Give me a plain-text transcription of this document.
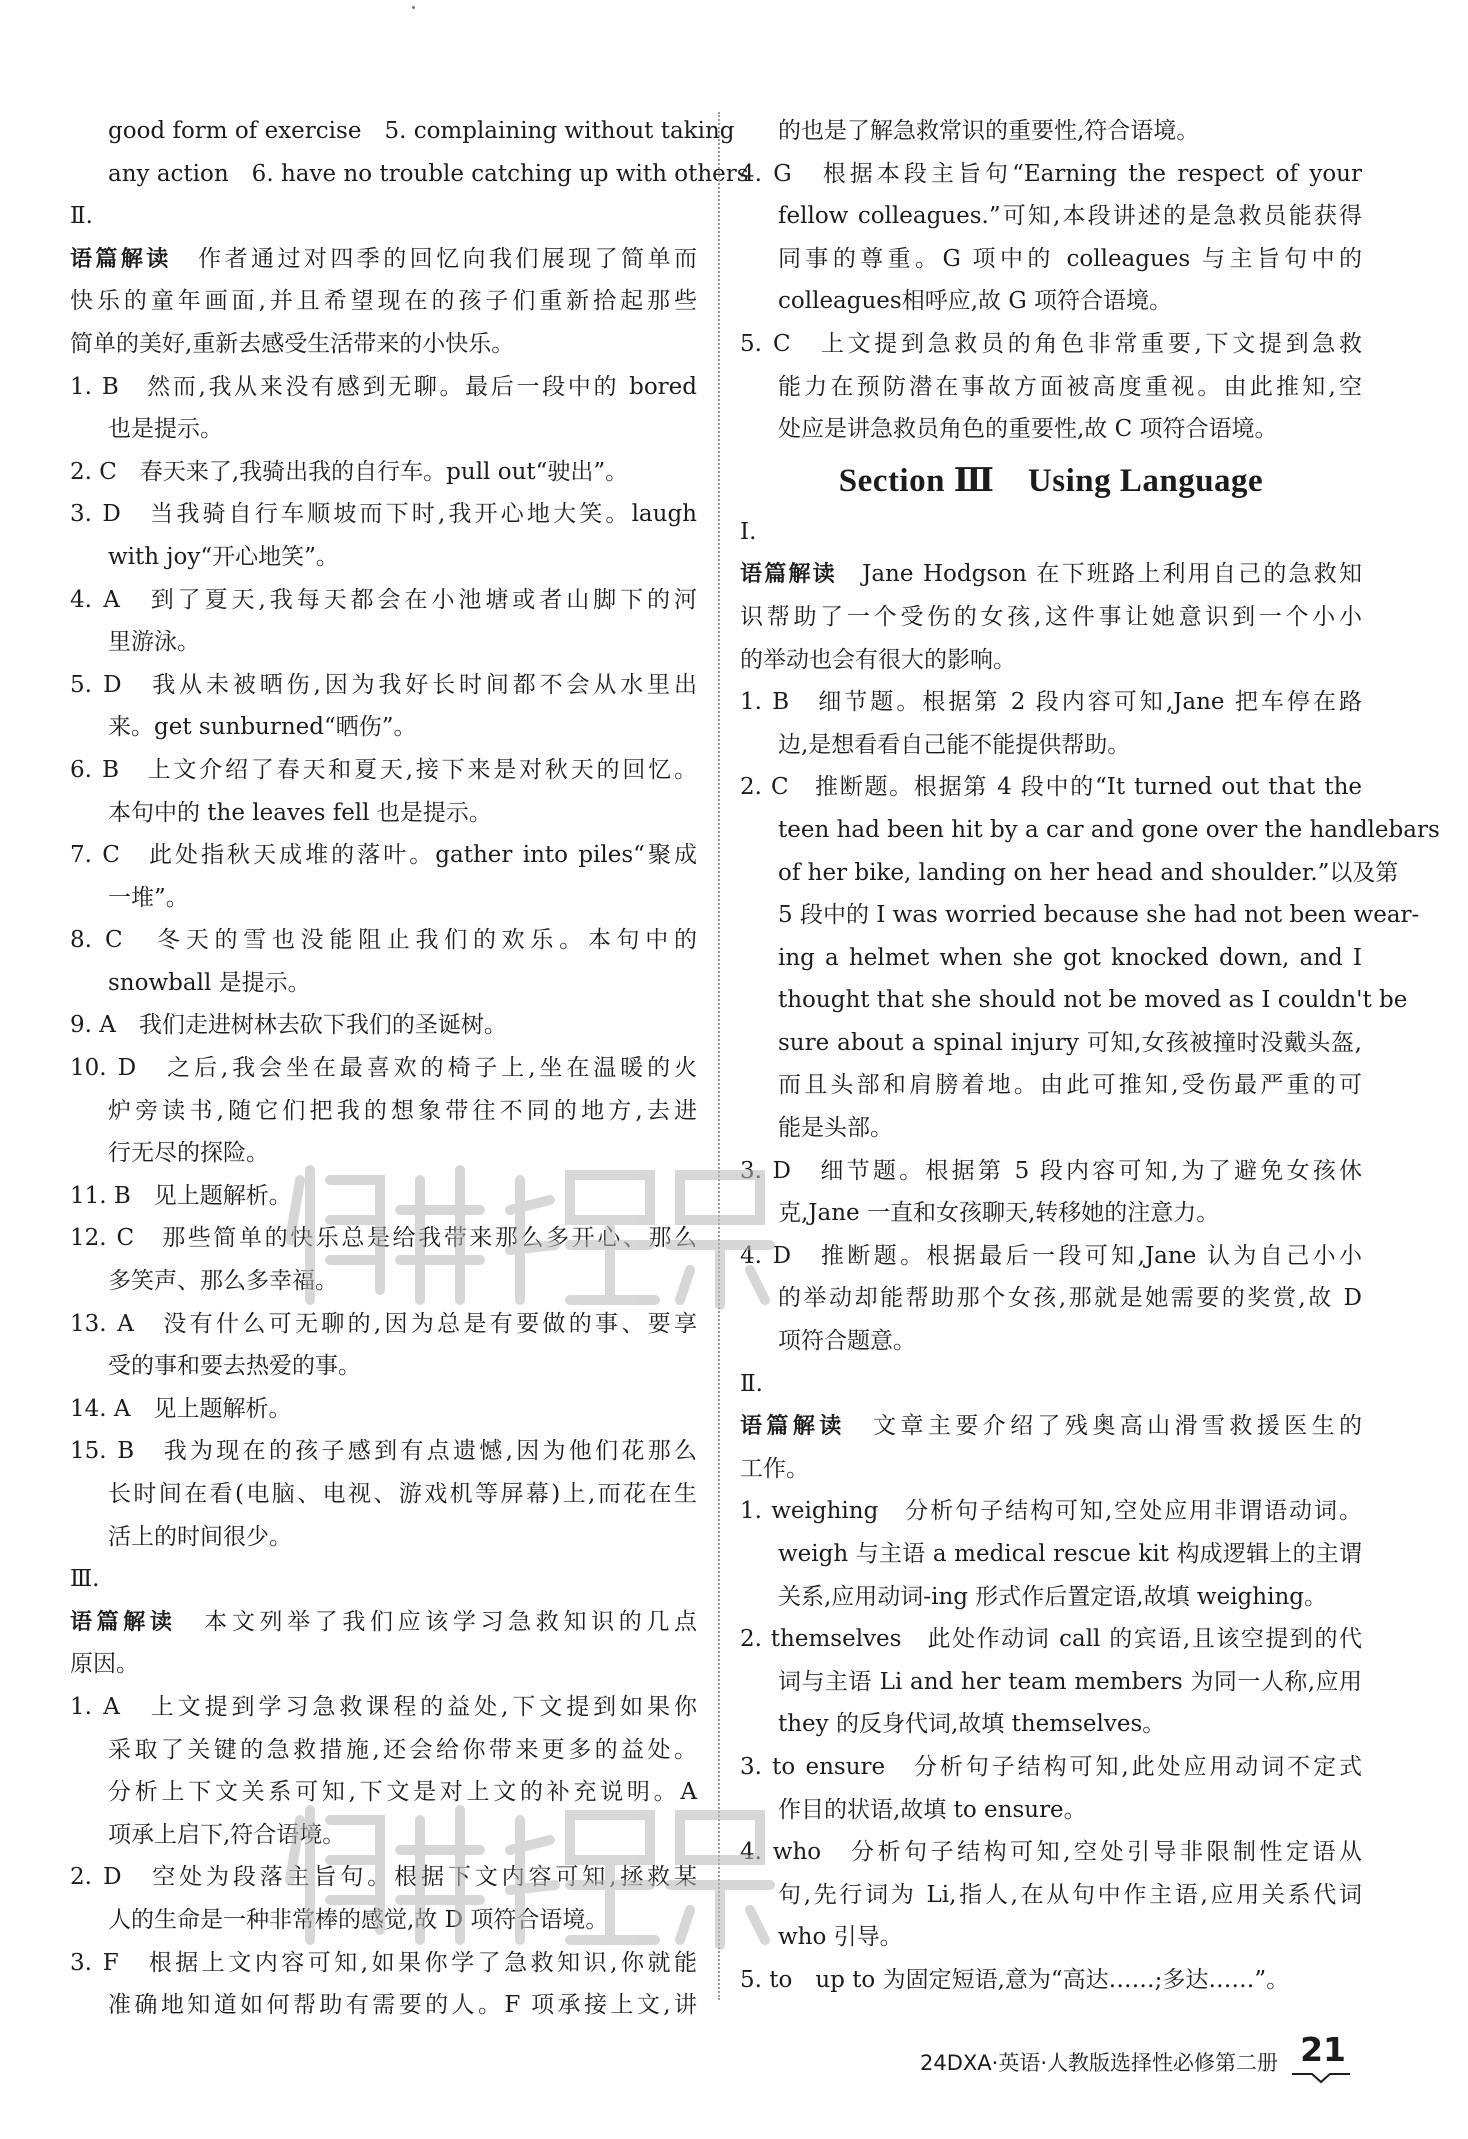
good form of exercise　5. complaining without taking
any action　6. have no trouble catching up with others
Ⅱ.
语篇解读　作者通过对四季的回忆向我们展现了简单而
快乐的童年画面,并且希望现在的孩子们重新拾起那些
简单的美好,重新去感受生活带来的小快乐。
1. B　然而,我从来没有感到无聊。最后一段中的 bored
也是提示。
2. C　春天来了,我骑出我的自行车。pull out“驶出”。
3. D　当我骑自行车顺坡而下时,我开心地大笑。laugh
with joy“开心地笑”。
4. A　到了夏天,我每天都会在小池塘或者山脚下的河
里游泳。
5. D　我从未被晒伤,因为我好长时间都不会从水里出
来。get sunburned“晒伤”。
6. B　上文介绍了春天和夏天,接下来是对秋天的回忆。
本句中的 the leaves fell 也是提示。
7. C　此处指秋天成堆的落叶。gather into piles“聚成
一堆”。
8. C　冬天的雪也没能阻止我们的欢乐。本句中的
snowball 是提示。
9. A　我们走进树林去砍下我们的圣诞树。
10. D　之后,我会坐在最喜欢的椅子上,坐在温暖的火
炉旁读书,随它们把我的想象带往不同的地方,去进
行无尽的探险。
11. B　见上题解析。
12. C　那些简单的快乐总是给我带来那么多开心、那么
多笑声、那么多幸福。
13. A　没有什么可无聊的,因为总是有要做的事、要享
受的事和要去热爱的事。
14. A　见上题解析。
15. B　我为现在的孩子感到有点遗憾,因为他们花那么
长时间在看(电脑、电视、游戏机等屏幕)上,而花在生
活上的时间很少。
Ⅲ.
语篇解读　本文列举了我们应该学习急救知识的几点
原因。
1. A　上文提到学习急救课程的益处,下文提到如果你
采取了关键的急救措施,还会给你带来更多的益处。
分析上下文关系可知,下文是对上文的补充说明。A
项承上启下,符合语境。
2. D　空处为段落主旨句。根据下文内容可知,拯救某
人的生命是一种非常棒的感觉,故 D 项符合语境。
3. F　根据上文内容可知,如果你学了急救知识,你就能
准确地知道如何帮助有需要的人。F 项承接上文,讲
的也是了解急救常识的重要性,符合语境。
4. G　根据本段主旨句“Earning the respect of your
fellow colleagues.”可知,本段讲述的是急救员能获得
同事的尊重。G 项中的 colleagues 与主旨句中的
colleagues相呼应,故 G 项符合语境。
5. C　上文提到急救员的角色非常重要,下文提到急救
能力在预防潜在事故方面被高度重视。由此推知,空
处应是讲急救员角色的重要性,故 C 项符合语境。
Section Ⅲ　Using Language
Ⅰ.
语篇解读　Jane Hodgson 在下班路上利用自己的急救知
识帮助了一个受伤的女孩,这件事让她意识到一个小小
的举动也会有很大的影响。
1. B　细节题。根据第 2 段内容可知,Jane 把车停在路
边,是想看看自己能不能提供帮助。
2. C　推断题。根据第 4 段中的“It turned out that the
teen had been hit by a car and gone over the handlebars
of her bike, landing on her head and shoulder.”以及第
5 段中的 I was worried because she had not been wear-
ing a helmet when she got knocked down, and I
thought that she should not be moved as I couldn't be
sure about a spinal injury 可知,女孩被撞时没戴头盔,
而且头部和肩膀着地。由此可推知,受伤最严重的可
能是头部。
3. D　细节题。根据第 5 段内容可知,为了避免女孩休
克,Jane 一直和女孩聊天,转移她的注意力。
4. D　推断题。根据最后一段可知,Jane 认为自己小小
的举动却能帮助那个女孩,那就是她需要的奖赏,故 D
项符合题意。
Ⅱ.
语篇解读　文章主要介绍了残奥高山滑雪救援医生的
工作。
1. weighing　分析句子结构可知,空处应用非谓语动词。
weigh 与主语 a medical rescue kit 构成逻辑上的主谓
关系,应用动词-ing 形式作后置定语,故填 weighing。
2. themselves　此处作动词 call 的宾语,且该空提到的代
词与主语 Li and her team members 为同一人称,应用
they 的反身代词,故填 themselves。
3. to ensure　分析句子结构可知,此处应用动词不定式
作目的状语,故填 to ensure。
4. who　分析句子结构可知,空处引导非限制性定语从
句,先行词为 Li,指人,在从句中作主语,应用关系代词
who 引导。
5. to　up to 为固定短语,意为“高达……;多达……”。
24DXA·英语·人教版选择性必修第二册 21
